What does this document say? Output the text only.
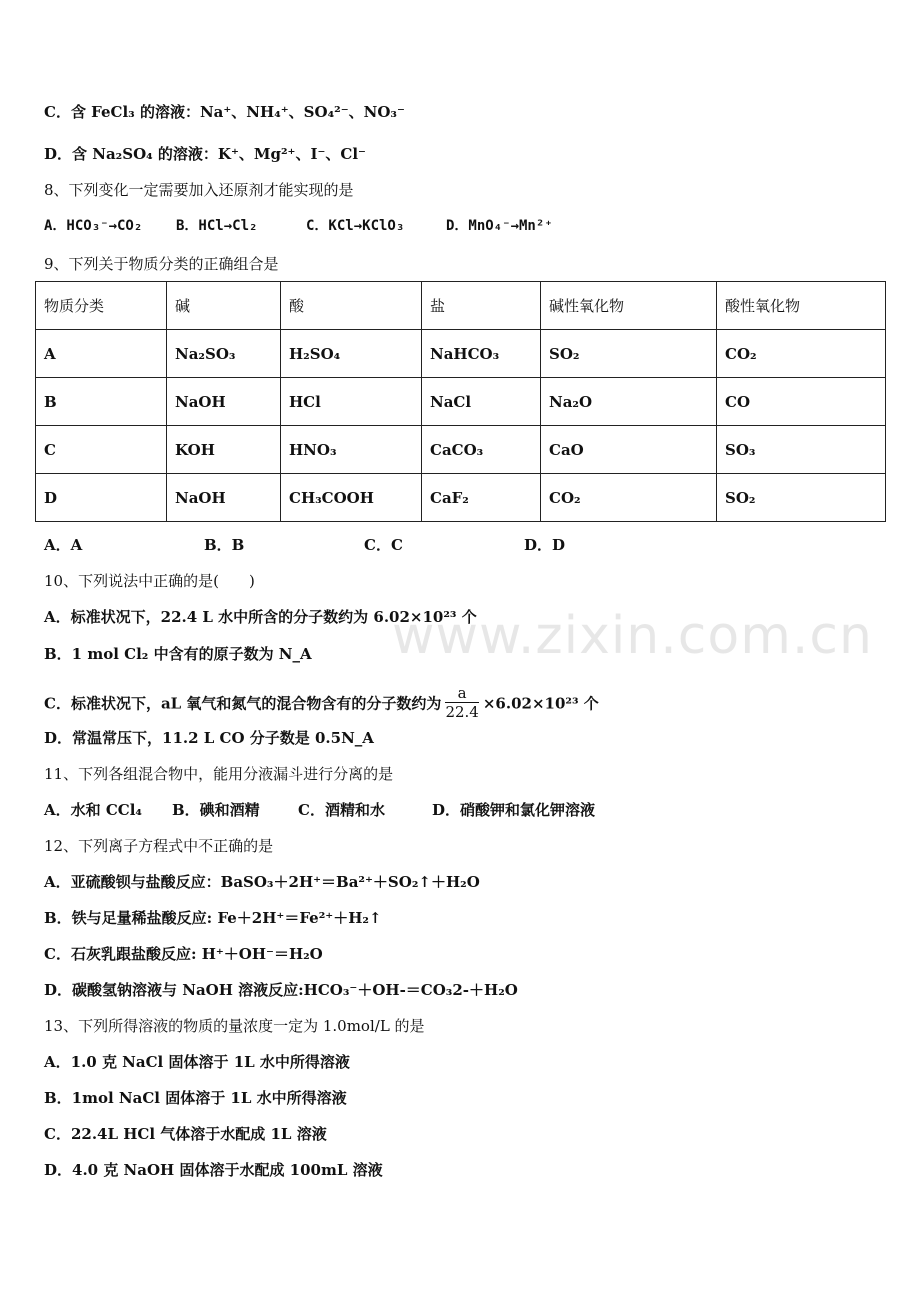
www.zixin.com.cn
C．含 FeCl₃ 的溶液：Na⁺、NH₄⁺、SO₄²⁻、NO₃⁻
D．含 Na₂SO₄ 的溶液：K⁺、Mg²⁺、I⁻、Cl⁻
8、下列变化一定需要加入还原剂才能实现的是
A．HCO₃⁻→CO₂ B．HCl→Cl₂	C．KCl→KClO₃	D．MnO₄⁻→Mn²⁺
9、下列关于物质分类的正确组合是
物质分类	碱	酸	盐	碱性氧化物	酸性氧化物
A	Na₂SO₃	H₂SO₄	NaHCO₃	SO₂	CO₂
B	NaOH	HCl	NaCl	Na₂O	CO
C	KOH	HNO₃	CaCO₃	CaO	SO₃
D	NaOH	CH₃COOH	CaF₂	CO₂	SO₂
A．A	B．B	C．C	D．D
10、下列说法中正确的是(　　)
A．标准状况下，22.4 L 水中所含的分子数约为 6.02×10²³ 个
B．1 mol Cl₂ 中含有的原子数为 N_A
C．标准状况下，aL 氧气和氮气的混合物含有的分子数约为 $\frac{a}{22.4} \times 6.02\times 10^{23}$ 个
D．常温常压下，11.2 L CO 分子数是 0.5N_A
11、下列各组混合物中，能用分液漏斗进行分离的是
A．水和 CCl₄ B．碘和酒精	C．酒精和水	D．硝酸钾和氯化钾溶液
12、下列离子方程式中不正确的是
A．亚硫酸钡与盐酸反应：BaSO₃＋2H⁺＝Ba²⁺＋SO₂↑＋H₂O
B．铁与足量稀盐酸反应: Fe＋2H⁺＝Fe²⁺＋H₂↑
C．石灰乳跟盐酸反应: H⁺＋OH⁻＝H₂O
D．碳酸氢钠溶液与 NaOH 溶液反应:HCO₃⁻＋OH-＝CO₃2-＋H₂O
13、下列所得溶液的物质的量浓度一定为 1.0mol/L 的是
A．1.0 克 NaCl 固体溶于 1L 水中所得溶液
B．1mol NaCl 固体溶于 1L 水中所得溶液
C．22.4L HCl 气体溶于水配成 1L 溶液
D．4.0 克 NaOH 固体溶于水配成 100mL 溶液
